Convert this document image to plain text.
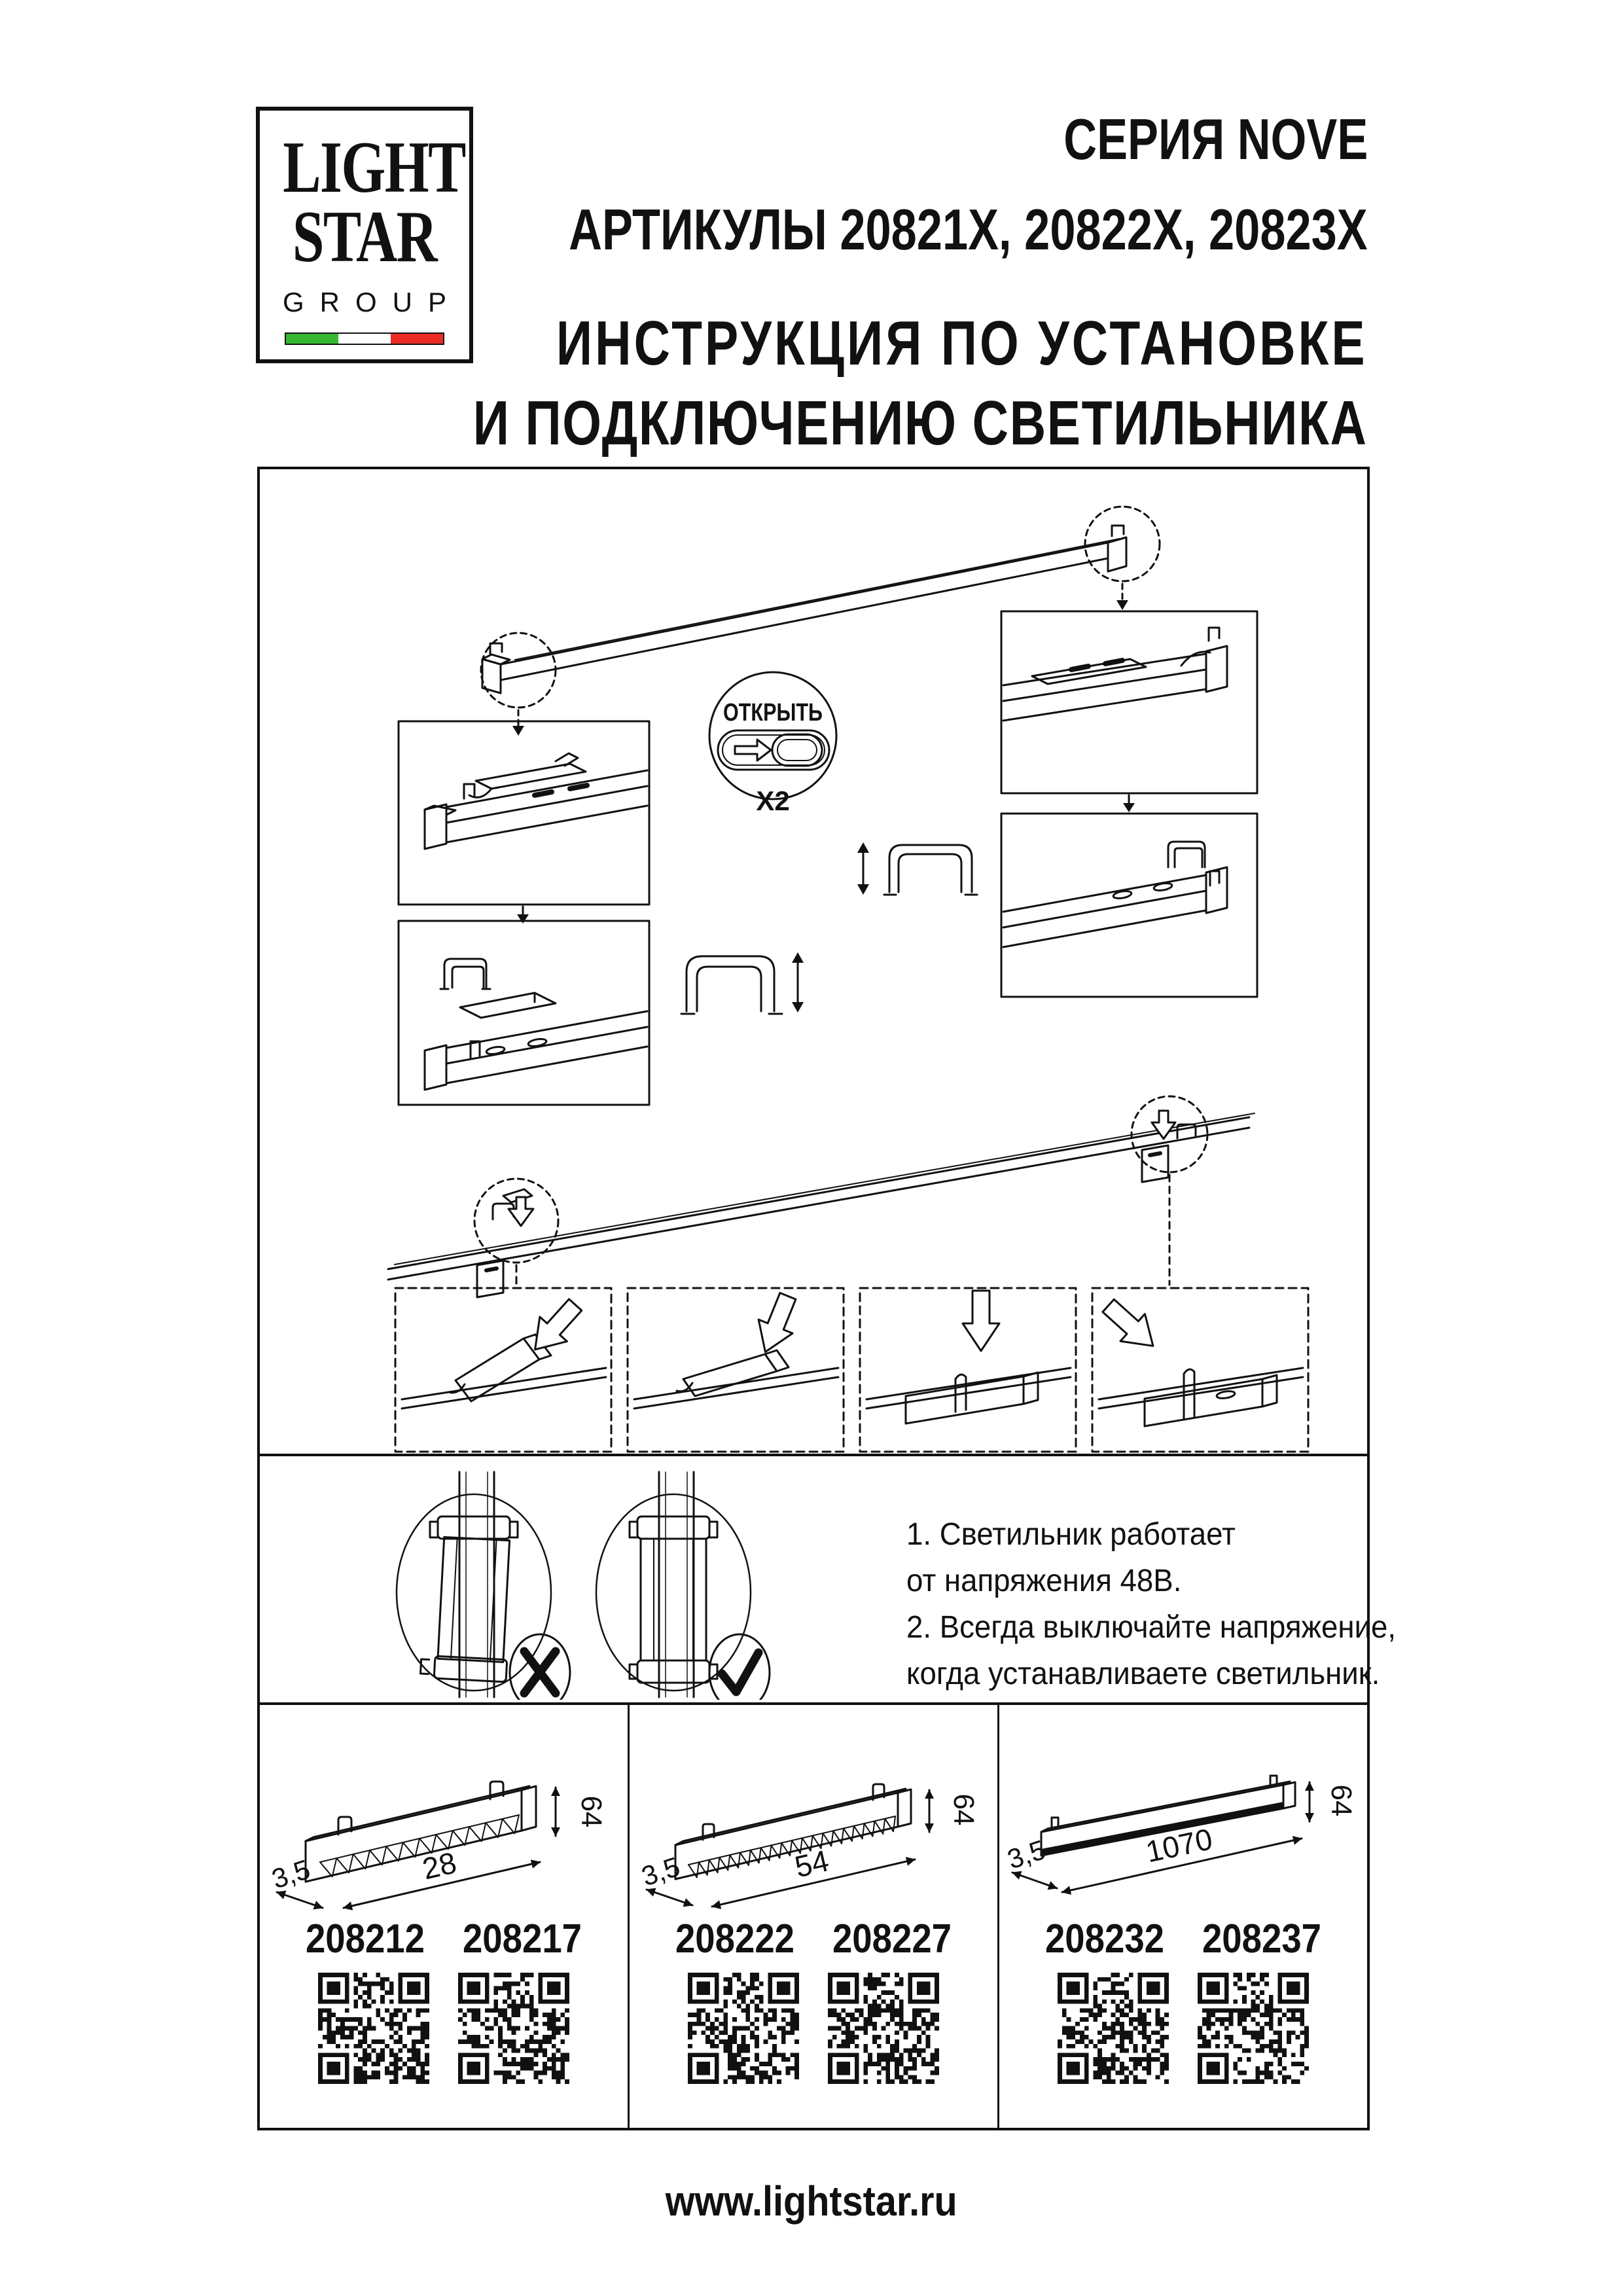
LIGHT
STAR
GROUP
СЕРИЯ NOVE
АРТИКУЛЫ 20821X, 20822X, 20823X
ИНСТРУКЦИЯ ПО УСТАНОВКЕ
И ПОДКЛЮЧЕНИЮ СВЕТИЛЬНИКА
ОТКРЫТЬ
X2
1. Светильник работает
от напряжения 48В.
2. Всегда выключайте напряжение,
когда устанавливаете светильник.
64
28
3,5
208212 208217
64
54
3,5
208222 208227
64
1070
3,5
208232 208237
www.lightstar.ru
